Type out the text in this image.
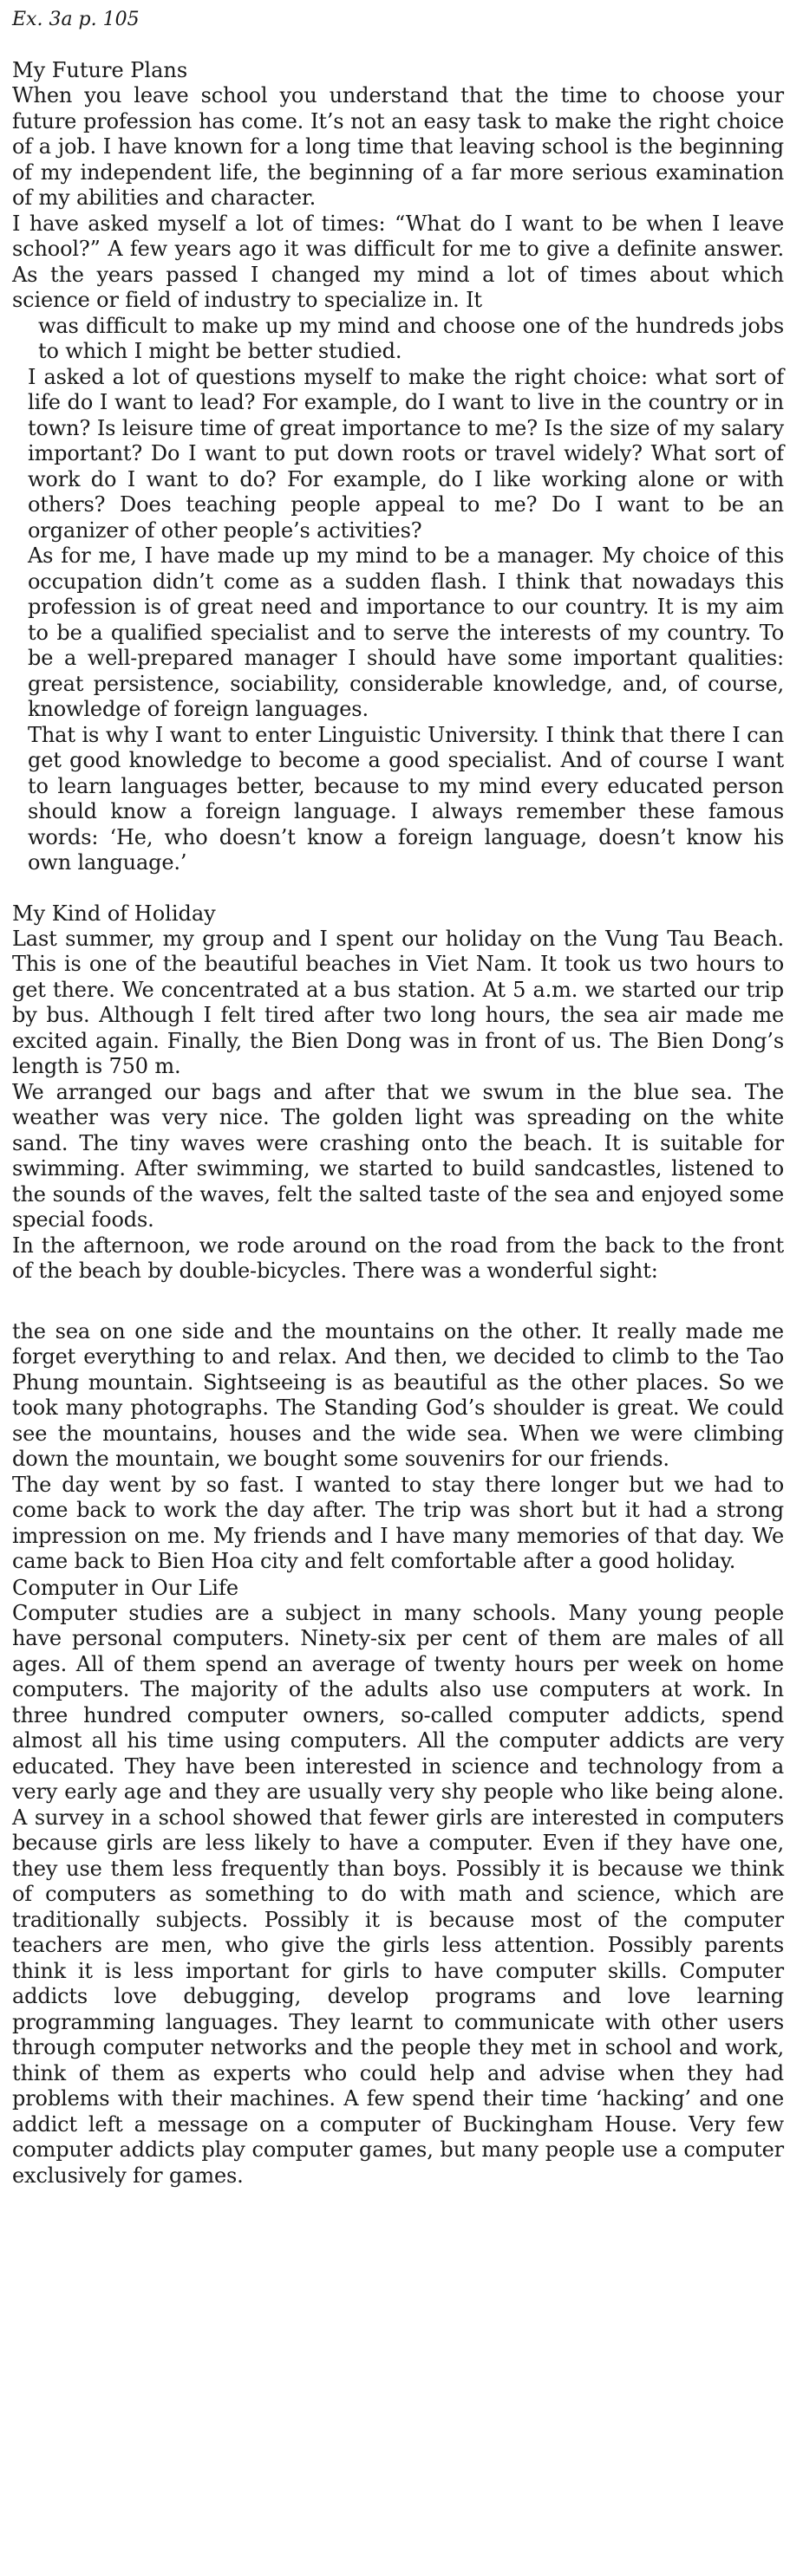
Ex. 3a p. 105
My Future Plans

When you leave school you understand that the time to choose your future profession has come. It’s not an easy task to make the right choice of a job. I have known for a long time that leaving school is the beginning of my independent life, the beginning of a far more serious examination of my abilities and character.

I have asked myself a lot of times: “What do I want to be when I leave school?” A few years ago it was difficult for me to give a definite answer. As the years passed I changed my mind a lot of times about which science or field of industry to specialize in. It

was difficult to make up my mind and choose one of the hundreds jobs to which I might be better studied.

I asked a lot of questions myself to make the right choice: what sort of life do I want to lead? For example, do I want to live in the country or in town? Is leisure time of great importance to me? Is the size of my salary important? Do I want to put down roots or travel widely? What sort of work do I want to do? For example, do I like working alone or with others? Does teaching people appeal to me? Do I want to be an organizer of other people’s activities?

As for me, I have made up my mind to be a manager. My choice of this occupation didn’t come as a sudden flash. I think that nowadays this profession is of great need and importance to our country. It is my aim to be a qualified specialist and to serve the interests of my country. To be a well-prepared manager I should have some important qualities: great persistence, sociability, considerable knowledge, and, of course, knowledge of foreign languages.

That is why I want to enter Linguistic University. I think that there I can get good knowledge to become a good specialist. And of course I want to learn languages better, because to my mind every educated person should know a foreign language. I always remember these famous words: ‘He, who doesn’t know a foreign language, doesn’t know his own language.’

My Kind of Holiday

Last summer, my group and I spent our holiday on the Vung Tau Beach. This is one of the beautiful beaches in Viet Nam. It took us two hours to get there. We concentrated at a bus station. At 5 a.m. we started our trip by bus. Although I felt tired after two long hours, the sea air made me excited again. Finally, the Bien Dong was in front of us. The Bien Dong’s length is 750 m.

We arranged our bags and after that we swum in the blue sea. The weather was very nice. The golden light was spreading on the white sand. The tiny waves were crashing onto the beach. It is suitable for swimming. After swimming, we started to build sandcastles, listened to the sounds of the waves, felt the salted taste of the sea and enjoyed some special foods.

In the afternoon, we rode around on the road from the back to the front of the beach by double-bicycles. There was a wonderful sight:

the sea on one side and the mountains on the other. It really made me forget everything to and relax. And then, we decided to climb to the Tao Phung mountain. Sightseeing is as beautiful as the other places. So we took many photographs. The Standing God’s shoulder is great. We could see the mountains, houses and the wide sea. When we were climbing down the mountain, we bought some souvenirs for our friends.

The day went by so fast. I wanted to stay there longer but we had to come back to work the day after. The trip was short but it had a strong impression on me. My friends and I have many memories of that day. We came back to Bien Hoa city and felt comfortable after a good holiday.

Computer in Our Life

Computer studies are a subject in many schools. Many young people have personal computers. Ninety-six per cent of them are males of all ages. All of them spend an average of twenty hours per week on home computers. The majority of the adults also use computers at work. In three hundred computer owners, so-called computer addicts, spend almost all his time using computers. All the computer addicts are very educated. They have been interested in science and technology from a very early age and they are usually very shy people who like being alone. A survey in a school showed that fewer girls are interested in computers because girls are less likely to have a computer. Even if they have one, they use them less frequently than boys. Possibly it is because we think of computers as something to do with math and science, which are traditionally subjects. Possibly it is because most of the computer teachers are men, who give the girls less attention. Possibly parents think it is less important for girls to have computer skills. Computer addicts love debugging, develop programs and love learning programming languages. They learnt to communicate with other users through computer networks and the people they met in school and work, think of them as experts who could help and advise when they had problems with their machines. A few spend their time ‘hacking’ and one addict left a message on a computer of Buckingham House. Very few computer addicts play computer games, but many people use a computer exclusively for games.
